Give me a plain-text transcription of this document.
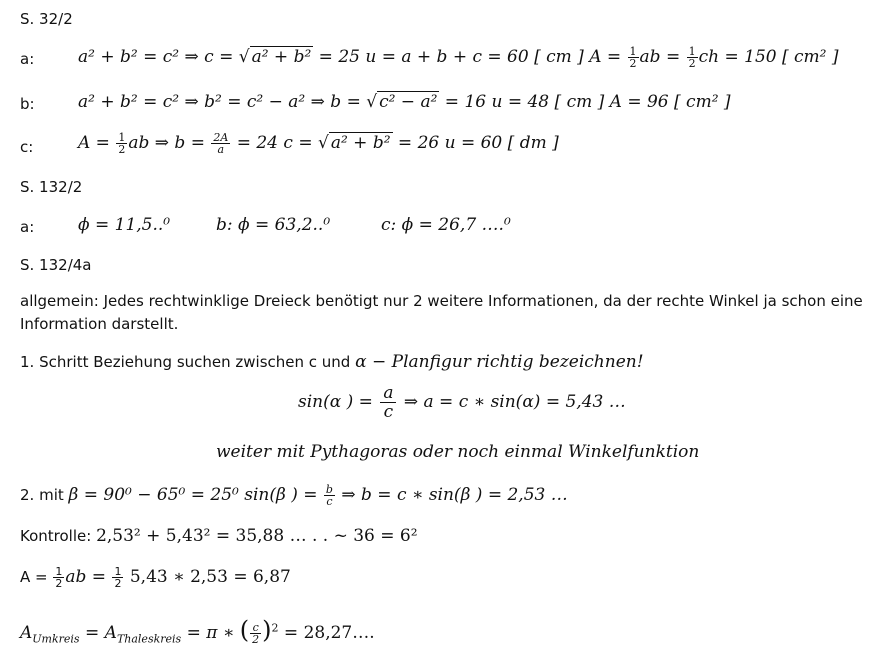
S. 32/2
a:	a² + b² = c² ⇒ c = √ a² + b² = 25 u = a + b + c = 60 [ cm ] $A = \frac{1}{2}$ ab = $\frac{1}{2}$ ch = 150 [ cm² ]
b:	a² + b² = c² ⇒ b² = c² − a² ⇒ b = √ c² − a² = 16 u = 48 [ cm ] A = 96 [ cm² ]
c:	$A = \frac{1}{2}$ ab ⇒ $b = \frac{2A}{a} = 24$ c = √ a² + b² = 26 u = 60 [ dm ]
S. 132/2
a:	ϕ = 11,5..⁰	b: ϕ = 63,2..⁰	c: ϕ = 26,7 ….⁰
S. 132/4a
allgemein: Jedes rechtwinklige Dreieck benötigt nur 2 weitere Informationen, da der rechte Winkel ja schon eine
Information darstellt.
1. Schritt Beziehung suchen zwischen c und α − Planfigur richtig bezeichnen!
sin(α ) = $\frac{a}{c}$ ⇒ a = c ∗ sin(α) = 5,43 …
weiter mit Pythagoras oder noch einmal Winkelfunktion
2. mit β = 90⁰ − 65⁰ = 25⁰ sin(β ) = $\frac{b}{c}$ ⇒ b = c ∗ sin(β ) = 2,53 …
Kontrolle: 2,53² + 5,43² = 35,88 … . . ~ 36 = 6²
$A = \frac{1}{2}$ ab = $\frac{1}{2} 5,43$ ∗ 2,53 = 6,87
$A_{Umkreis} = A_{Thaleskreis} = \pi$ ∗ ( $\frac{c}{2} )^2$ = 28,27….
